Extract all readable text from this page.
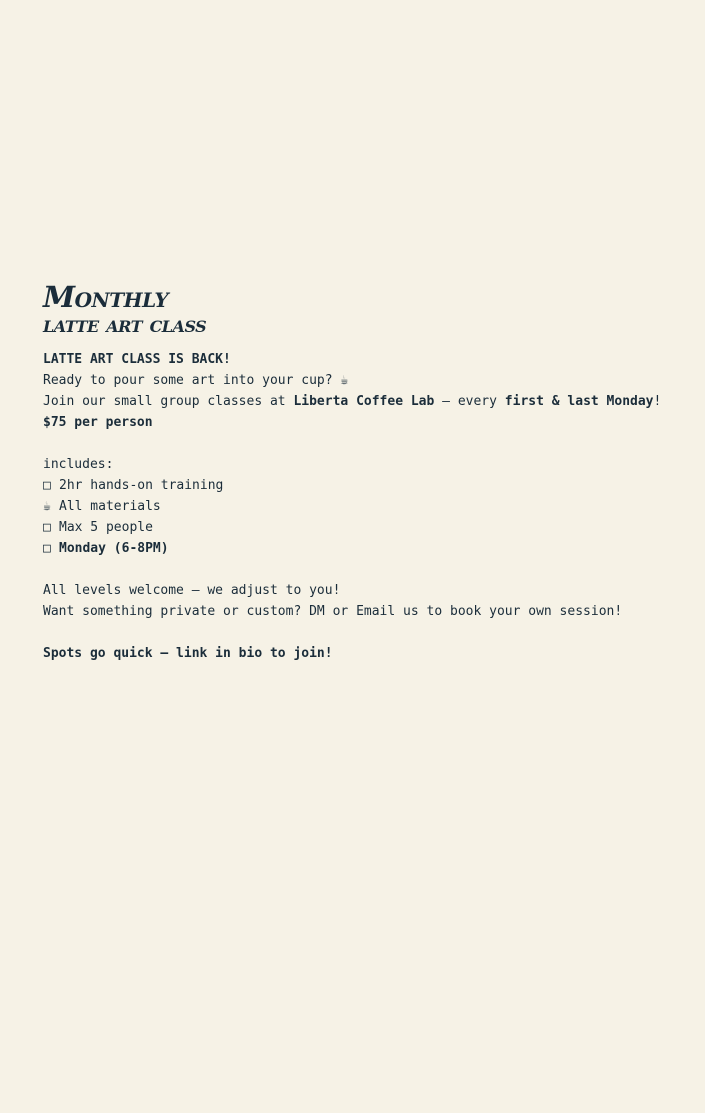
Monthly
latte art class
LATTE ART CLASS IS BACK!
Ready to pour some art into your cup? ☕
Join our small group classes at Liberta Coffee Lab — every first & last Monday!
$75 per person
includes:
□ 2hr hands-on training
☕ All materials
□ Max 5 people
□ Monday (6-8PM)
All levels welcome — we adjust to you!
Want something private or custom? DM or Email us to book your own session!
Spots go quick — link in bio to join!
